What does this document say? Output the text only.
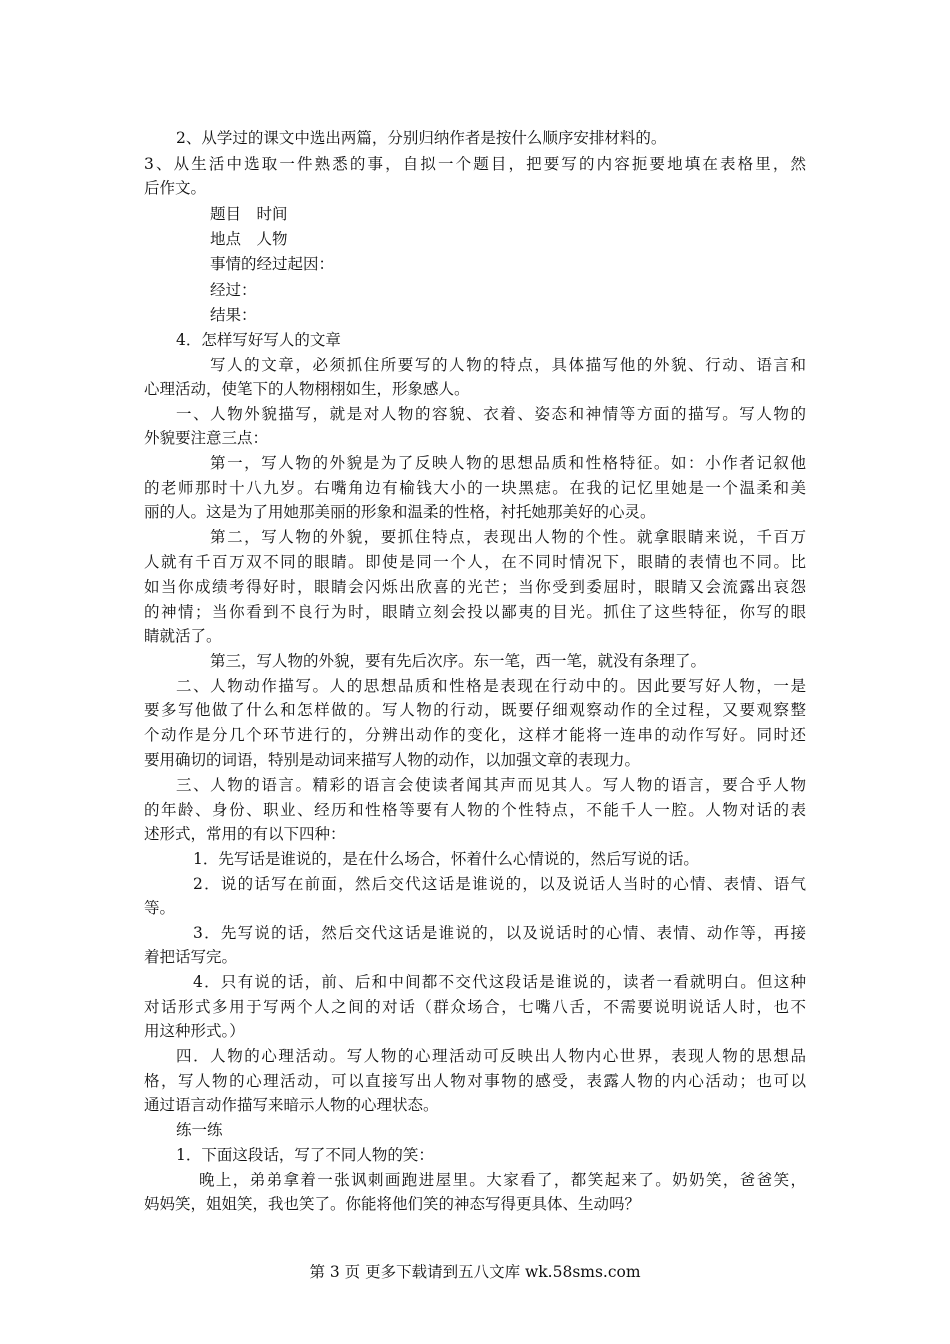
2、从学过的课文中选出两篇，分别归纳作者是按什么顺序安排材料的。
3、从生活中选取一件熟悉的事，自拟一个题目，把要写的内容扼要地填在表格里，然
后作文。
题目　时间
地点　人物
事情的经过起因：
经过：
结果：
4．怎样写好写人的文章
写人的文章，必须抓住所要写的人物的特点，具体描写他的外貌、行动、语言和
心理活动，使笔下的人物栩栩如生，形象感人。
一、人物外貌描写，就是对人物的容貌、衣着、姿态和神情等方面的描写。写人物的
外貌要注意三点：
第一，写人物的外貌是为了反映人物的思想品质和性格特征。如：小作者记叙他
的老师那时十八九岁。右嘴角边有榆钱大小的一块黑痣。在我的记忆里她是一个温柔和美
丽的人。这是为了用她那美丽的形象和温柔的性格，衬托她那美好的心灵。
第二，写人物的外貌，要抓住特点，表现出人物的个性。就拿眼睛来说，千百万
人就有千百万双不同的眼睛。即使是同一个人，在不同时情况下，眼睛的表情也不同。比
如当你成绩考得好时，眼睛会闪烁出欣喜的光芒；当你受到委屈时，眼睛又会流露出哀怨
的神情；当你看到不良行为时，眼睛立刻会投以鄙夷的目光。抓住了这些特征，你写的眼
睛就活了。
第三，写人物的外貌，要有先后次序。东一笔，西一笔，就没有条理了。
二、人物动作描写。人的思想品质和性格是表现在行动中的。因此要写好人物，一是
要多写他做了什么和怎样做的。写人物的行动，既要仔细观察动作的全过程，又要观察整
个动作是分几个环节进行的，分辨出动作的变化，这样才能将一连串的动作写好。同时还
要用确切的词语，特别是动词来描写人物的动作，以加强文章的表现力。
三、人物的语言。精彩的语言会使读者闻其声而见其人。写人物的语言，要合乎人物
的年龄、身份、职业、经历和性格等要有人物的个性特点，不能千人一腔。人物对话的表
述形式，常用的有以下四种：
1．先写话是谁说的，是在什么场合，怀着什么心情说的，然后写说的话。
2．说的话写在前面，然后交代这话是谁说的，以及说话人当时的心情、表情、语气
等。
3．先写说的话，然后交代这话是谁说的，以及说话时的心情、表情、动作等，再接
着把话写完。
4．只有说的话，前、后和中间都不交代这段话是谁说的，读者一看就明白。但这种
对话形式多用于写两个人之间的对话（群众场合，七嘴八舌，不需要说明说话人时，也不
用这种形式。）
四．人物的心理活动。写人物的心理活动可反映出人物内心世界，表现人物的思想品
格，写人物的心理活动，可以直接写出人物对事物的感受，表露人物的内心活动；也可以
通过语言动作描写来暗示人物的心理状态。
练一练
1．下面这段话，写了不同人物的笑：
晚上，弟弟拿着一张讽刺画跑进屋里。大家看了，都笑起来了。奶奶笑，爸爸笑，
妈妈笑，姐姐笑，我也笑了。你能将他们笑的神态写得更具体、生动吗？
第 3 页 更多下载请到五八文库 wk.58sms.com
